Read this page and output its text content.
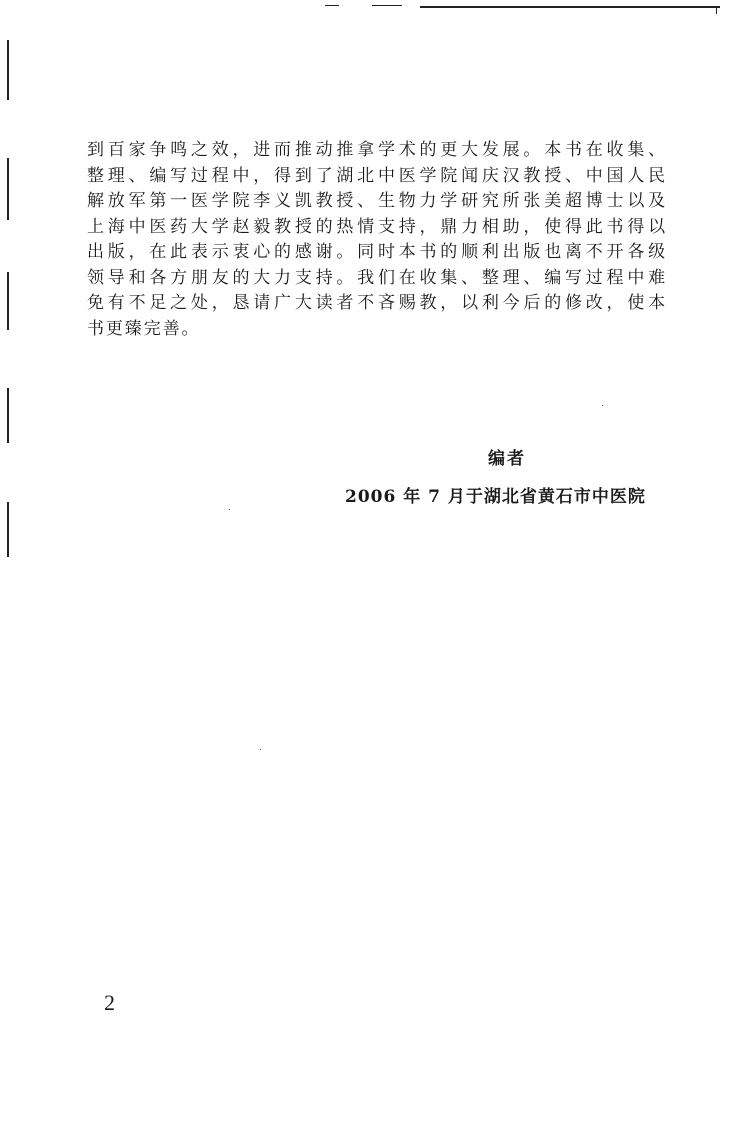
到百家争鸣之效，进而推动推拿学术的更大发展。本书在收集、
整理、编写过程中，得到了湖北中医学院闻庆汉教授、中国人民
解放军第一医学院李义凯教授、生物力学研究所张美超博士以及
上海中医药大学赵毅教授的热情支持，鼎力相助，使得此书得以
出版，在此表示衷心的感谢。同时本书的顺利出版也离不开各级
领导和各方朋友的大力支持。我们在收集、整理、编写过程中难
免有不足之处，恳请广大读者不吝赐教，以利今后的修改，使本
书更臻完善。
编者
2006 年 7 月于湖北省黄石市中医院
2
